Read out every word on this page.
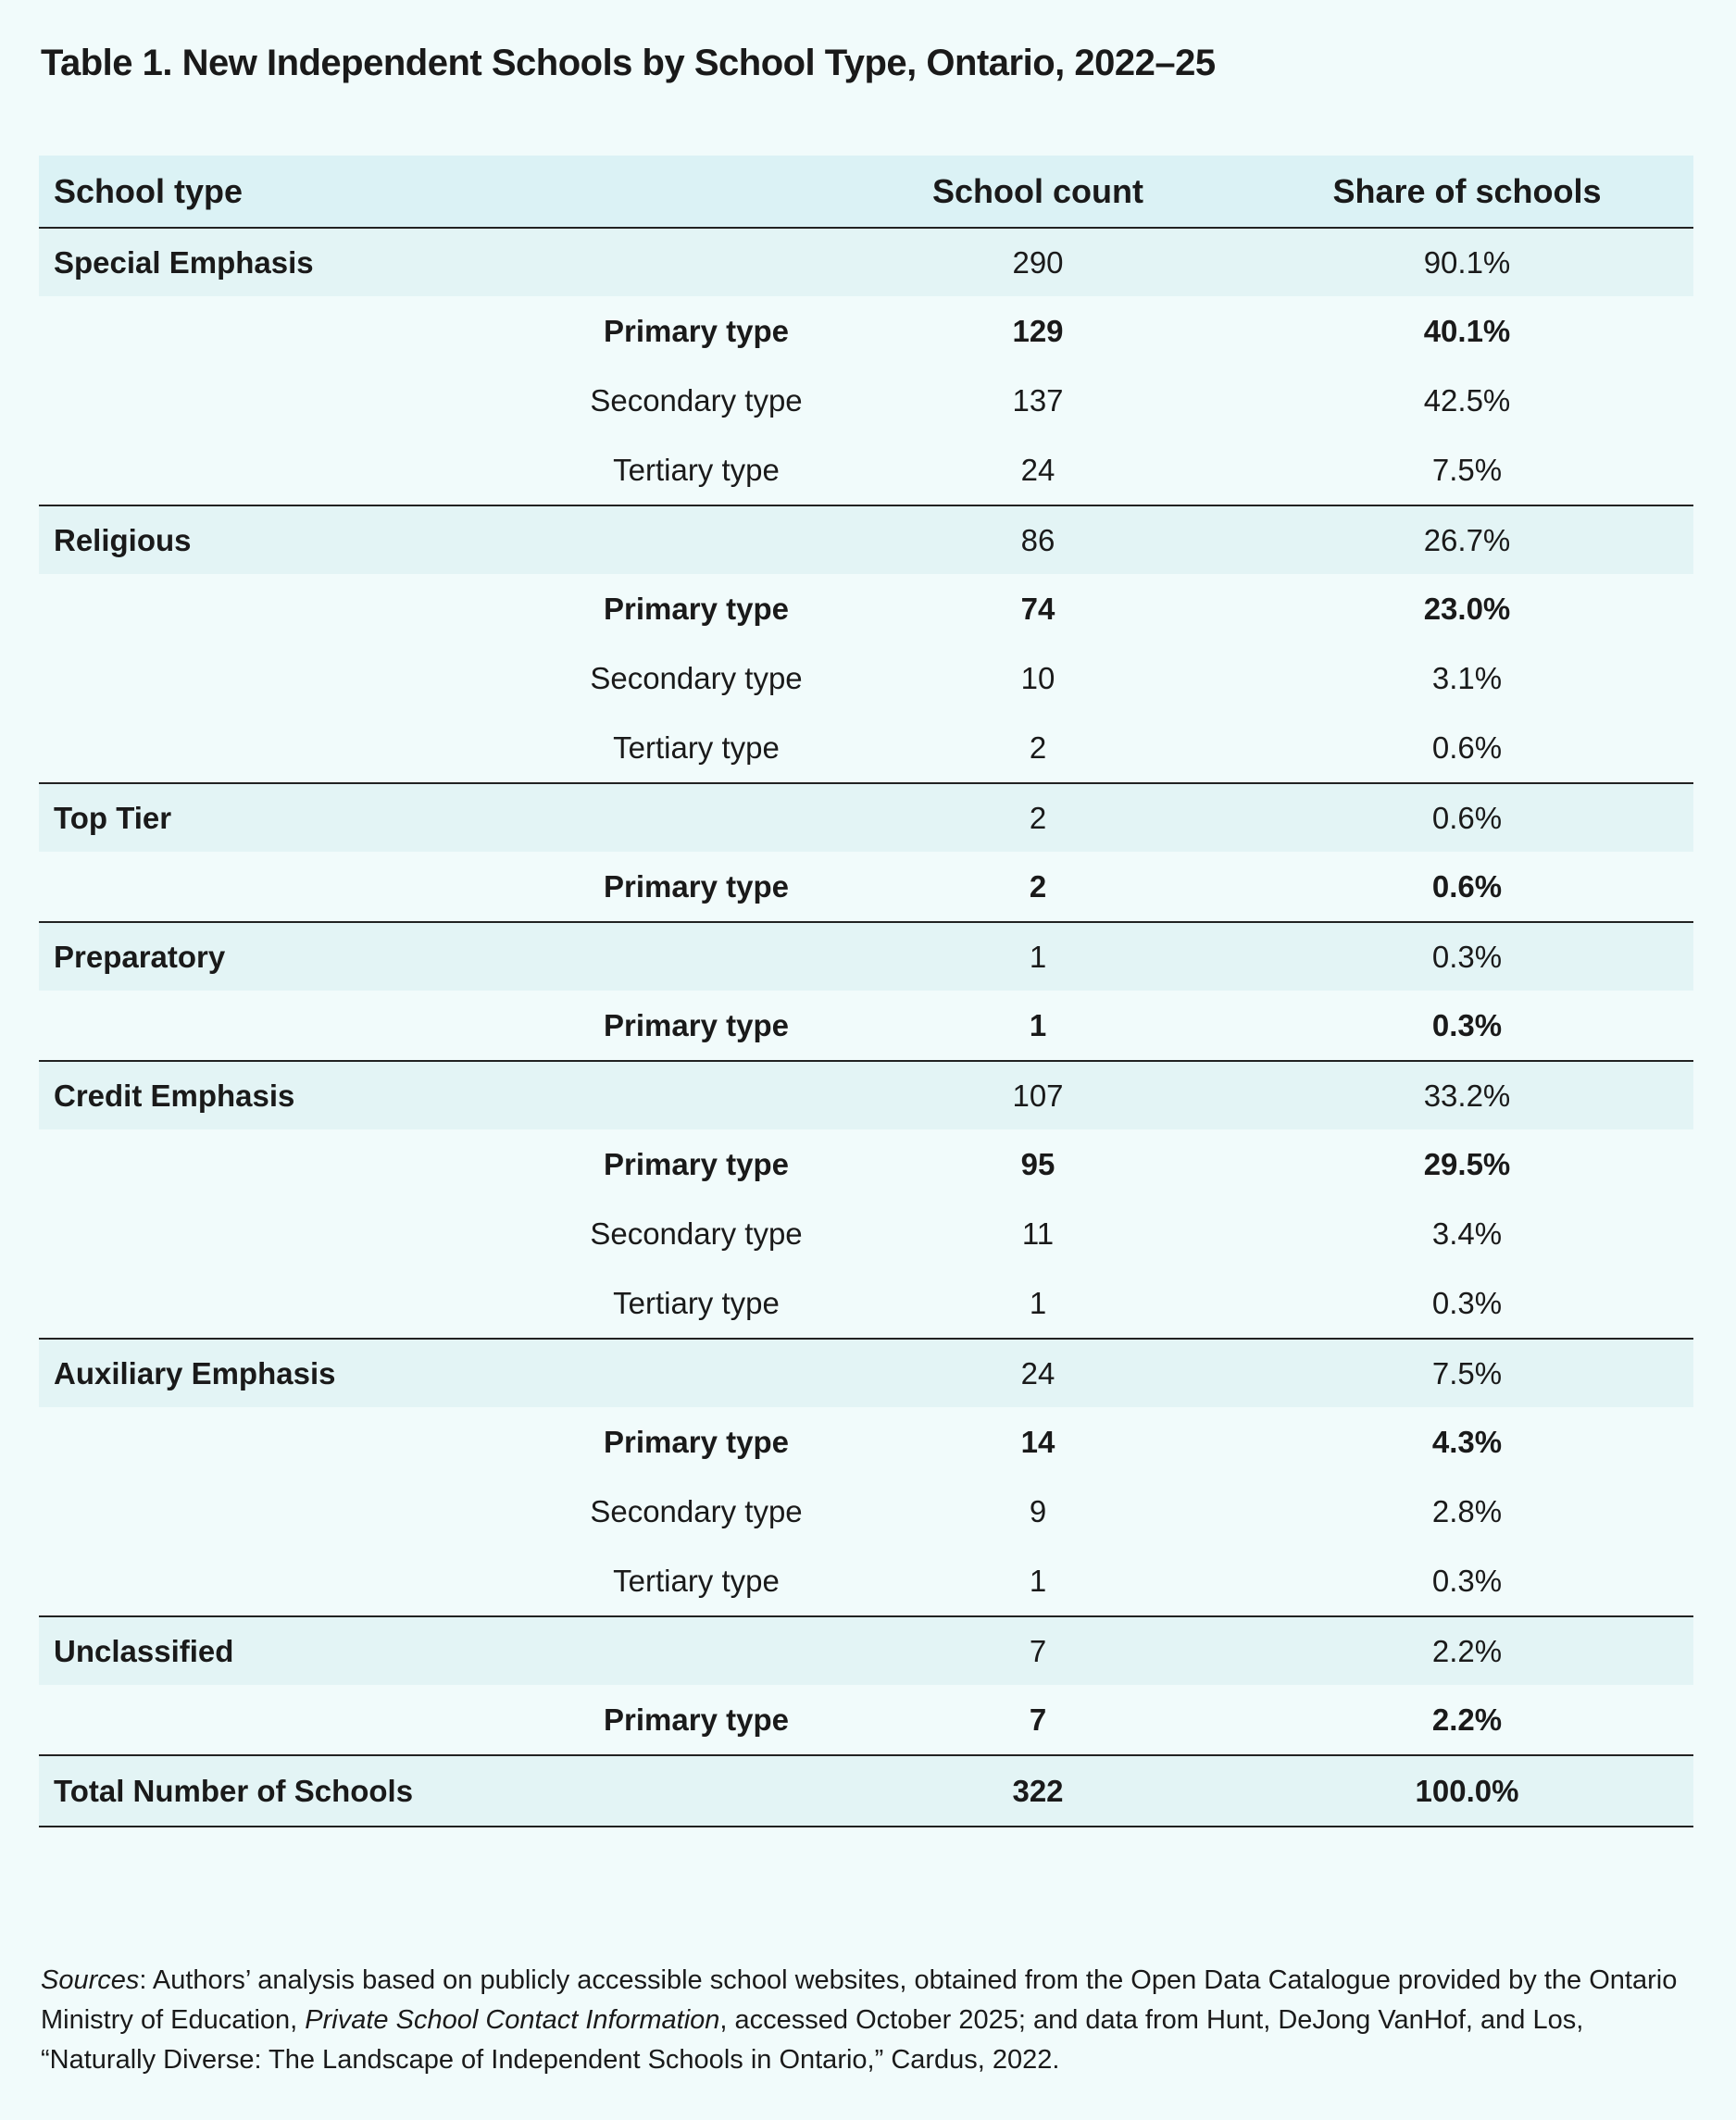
Table 1. New Independent Schools by School Type, Ontario, 2022–25
School type		School count	Share of schools
Special Emphasis		290	90.1%
	Primary type	129	40.1%
	Secondary type	137	42.5%
	Tertiary type	24	7.5%
Religious		86	26.7%
	Primary type	74	23.0%
	Secondary type	10	3.1%
	Tertiary type	2	0.6%
Top Tier		2	0.6%
	Primary type	2	0.6%
Preparatory		1	0.3%
	Primary type	1	0.3%
Credit Emphasis		107	33.2%
	Primary type	95	29.5%
	Secondary type	11	3.4%
	Tertiary type	1	0.3%
Auxiliary Emphasis		24	7.5%
	Primary type	14	4.3%
	Secondary type	9	2.8%
	Tertiary type	1	0.3%
Unclassified		7	2.2%
	Primary type	7	2.2%
Total Number of Schools		322	100.0%
Sources: Authors’ analysis based on publicly accessible school websites, obtained from the Open Data Catalogue provided by the Ontario Ministry of Education, Private School Contact Information, accessed October 2025; and data from Hunt, DeJong VanHof, and Los, “Naturally Diverse: The Landscape of Independent Schools in Ontario,” Cardus, 2022.
